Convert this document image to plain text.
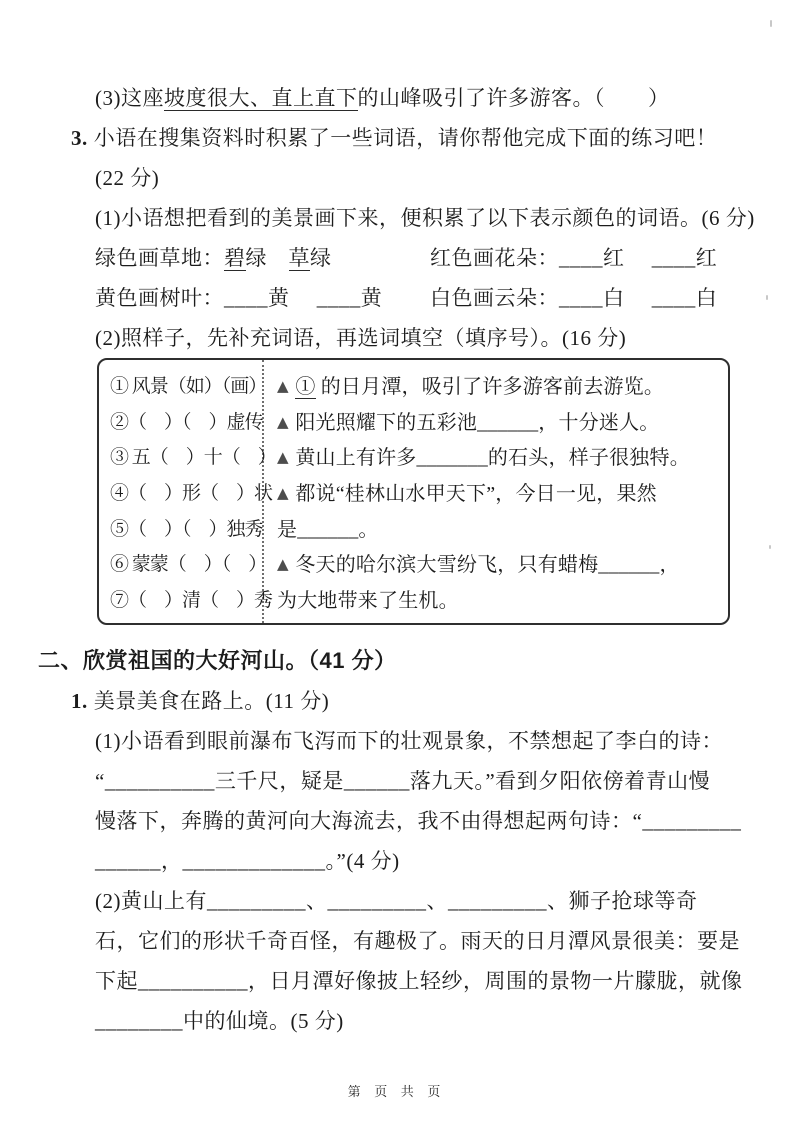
(3)这座坡度很大、直上直下的山峰吸引了许多游客。（　　）
3. 小语在搜集资料时积累了一些词语，请你帮他完成下面的练习吧！
(22 分)
(1)小语想把看到的美景画下来，便积累了以下表示颜色的词语。(6 分)
绿色画草地：碧绿　草绿	红色画花朵：____红　 ____红
黄色画树叶：____黄　 ____黄	白色画云朵：____白　 ____白
(2)照样子，先补充词语，再选词填空（填序号）。(16 分)
① 风景（如）（画）
②（　）（　）虚传
③ 五（　）十（　）
④（　）形（　）状
⑤（　）（　）独秀
⑥ 蒙蒙（　）（　）
⑦（　）清（　）秀
▲ ① 的日月潭，吸引了许多游客前去游览。
▲ 阳光照耀下的五彩池______，十分迷人。
▲ 黄山上有许多_______的石头，样子很独特。
▲ 都说“桂林山水甲天下”，今日一见，果然
是______。
▲ 冬天的哈尔滨大雪纷飞，只有蜡梅______，
为大地带来了生机。
二、欣赏祖国的大好河山。（41 分）
1. 美景美食在路上。(11 分)
(1)小语看到眼前瀑布飞泻而下的壮观景象，不禁想起了李白的诗：
“__________三千尺，疑是______落九天。”看到夕阳依傍着青山慢
慢落下，奔腾的黄河向大海流去，我不由得想起两句诗：“_________
______，_____________。”(4 分)
(2)黄山上有_________、_________、_________、狮子抢球等奇
石，它们的形状千奇百怪，有趣极了。雨天的日月潭风景很美：要是
下起__________，日月潭好像披上轻纱，周围的景物一片朦胧，就像
________中的仙境。(5 分)
第 页 共 页
